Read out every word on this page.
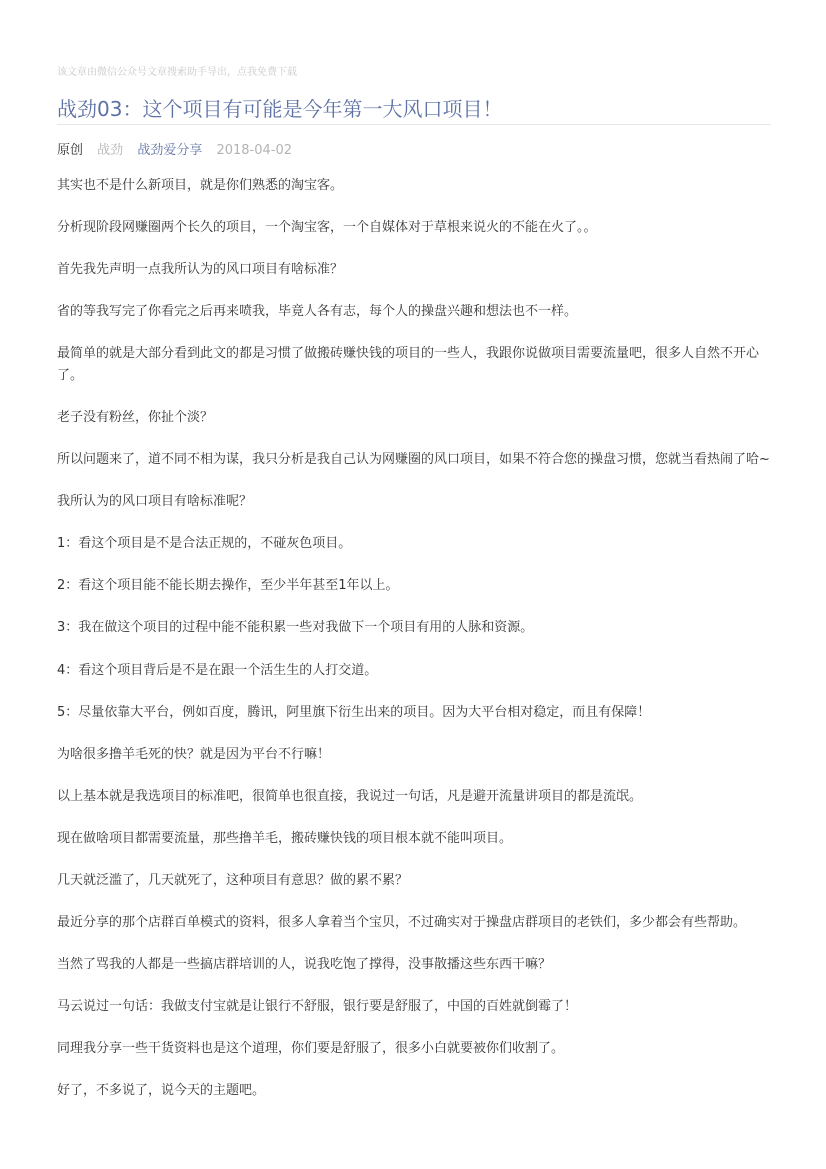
该文章由微信公众号文章搜索助手导出，点我免费下载
战劲03：这个项目有可能是今年第一大风口项目！
原创 战劲 战劲爱分享 2018-04-02

其实也不是什么新项目，就是你们熟悉的淘宝客。

分析现阶段网赚圈两个长久的项目，一个淘宝客，一个自媒体对于草根来说火的不能在火了。。

首先我先声明一点我所认为的风口项目有啥标准？

省的等我写完了你看完之后再来喷我，毕竟人各有志，每个人的操盘兴趣和想法也不一样。

最简单的就是大部分看到此文的都是习惯了做搬砖赚快钱的项目的一些人，我跟你说做项目需要流量吧，很多人自然不开心了。

老子没有粉丝，你扯个淡？

所以问题来了，道不同不相为谋，我只分析是我自己认为网赚圈的风口项目，如果不符合您的操盘习惯，您就当看热闹了哈~

我所认为的风口项目有啥标准呢？

1：看这个项目是不是合法正规的，不碰灰色项目。

2：看这个项目能不能长期去操作，至少半年甚至1年以上。

3：我在做这个项目的过程中能不能积累一些对我做下一个项目有用的人脉和资源。

4：看这个项目背后是不是在跟一个活生生的人打交道。

5：尽量依靠大平台，例如百度，腾讯，阿里旗下衍生出来的项目。因为大平台相对稳定，而且有保障！

为啥很多撸羊毛死的快？就是因为平台不行嘛！

以上基本就是我选项目的标准吧，很简单也很直接，我说过一句话，凡是避开流量讲项目的都是流氓。

现在做啥项目都需要流量，那些撸羊毛，搬砖赚快钱的项目根本就不能叫项目。

几天就泛滥了，几天就死了，这种项目有意思？做的累不累？

最近分享的那个店群百单模式的资料，很多人拿着当个宝贝，不过确实对于操盘店群项目的老铁们，多少都会有些帮助。

当然了骂我的人都是一些搞店群培训的人，说我吃饱了撑得，没事散播这些东西干嘛？

马云说过一句话：我做支付宝就是让银行不舒服，银行要是舒服了，中国的百姓就倒霉了！

同理我分享一些干货资料也是这个道理，你们要是舒服了，很多小白就要被你们收割了。

好了，不多说了，说今天的主题吧。
